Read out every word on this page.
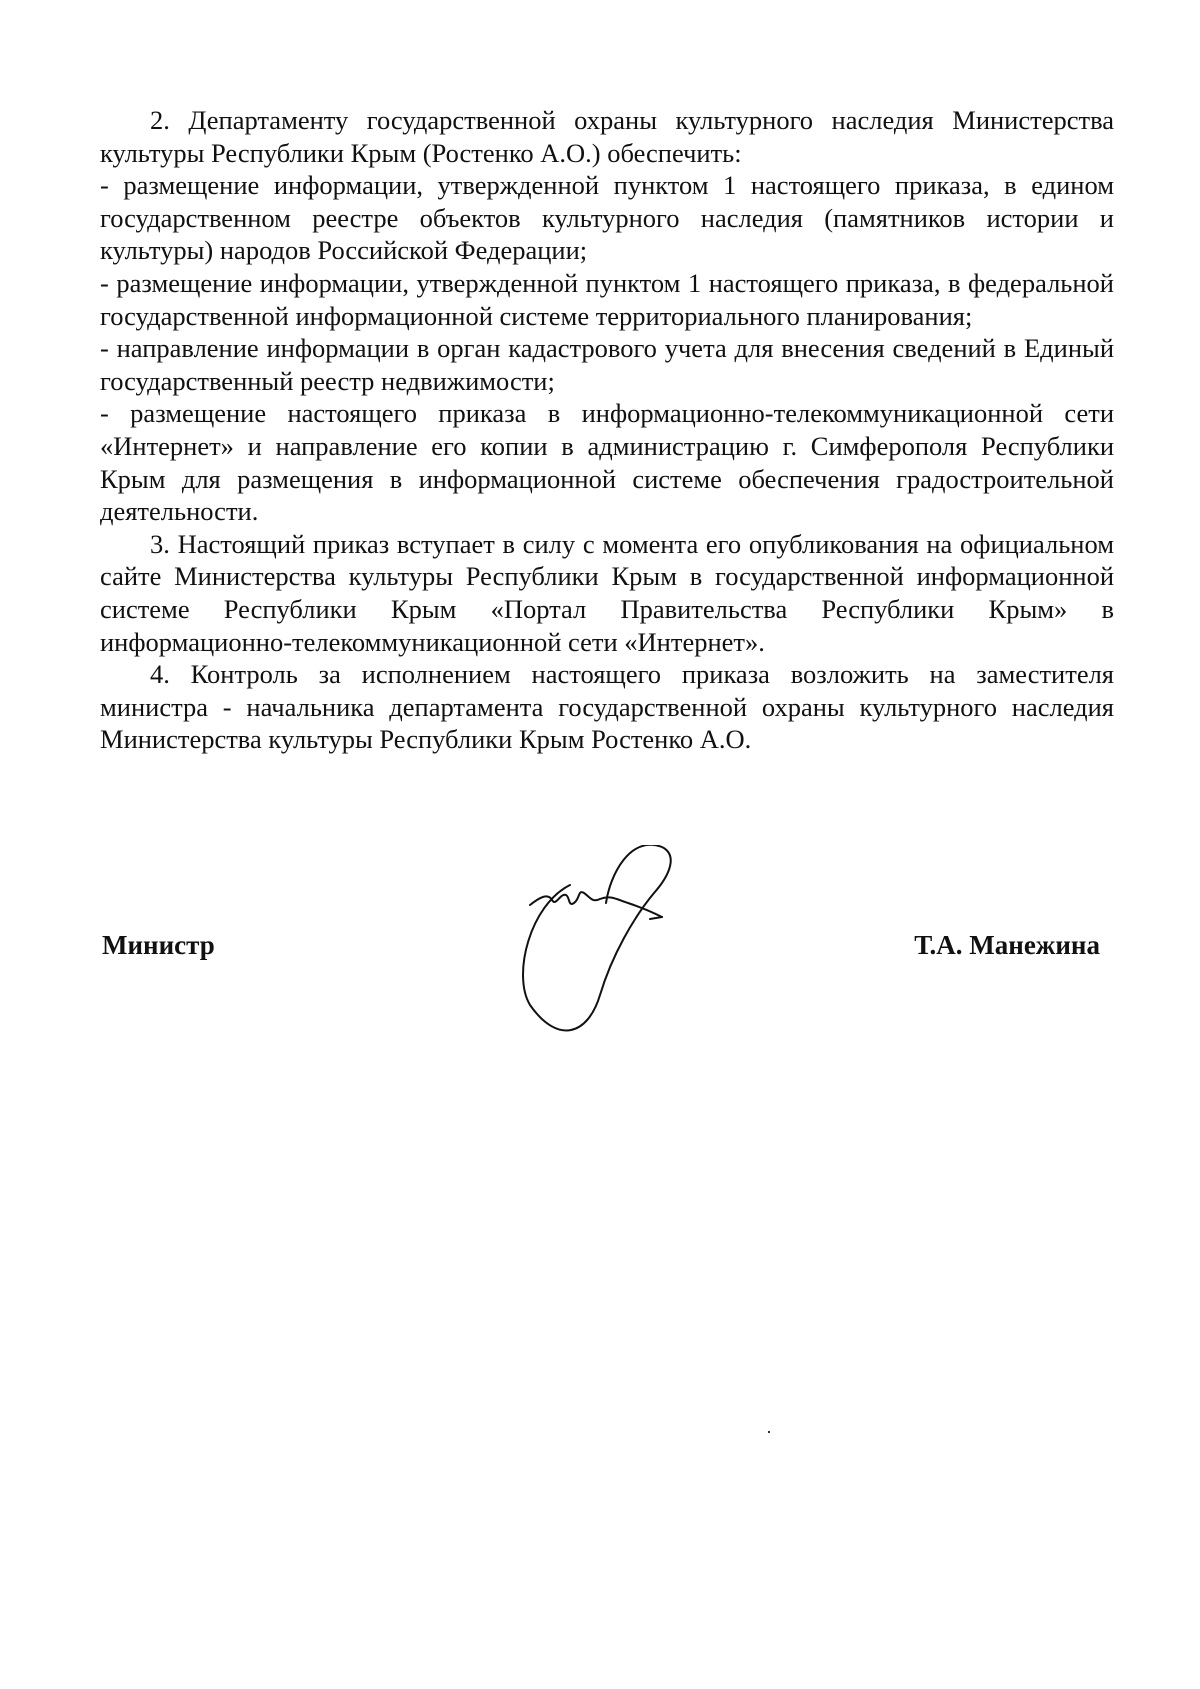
2. Департаменту государственной охраны культурного наследия Министерства культуры Республики Крым (Ростенко А.О.) обеспечить:

- размещение информации, утвержденной пунктом 1 настоящего приказа, в едином государственном реестре объектов культурного наследия (памятников истории и культуры) народов Российской Федерации;

- размещение информации, утвержденной пунктом 1 настоящего приказа, в федеральной государственной информационной системе территориального планирования;

- направление информации в орган кадастрового учета для внесения сведений в Единый государственный реестр недвижимости;

- размещение настоящего приказа в информационно-телекоммуникационной сети «Интернет» и направление его копии в администрацию г. Симферополя Республики Крым для размещения в информационной системе обеспечения градостроительной деятельности.

3. Настоящий приказ вступает в силу с момента его опубликования на официальном сайте Министерства культуры Республики Крым в государственной информационной системе Республики Крым «Портал Правительства Республики Крым» в информационно-телекоммуникационной сети «Интернет».

4. Контроль за исполнением настоящего приказа возложить на заместителя министра - начальника департамента государственной охраны культурного наследия Министерства культуры Республики Крым Ростенко А.О.

Министр	Т.А. Манежина
